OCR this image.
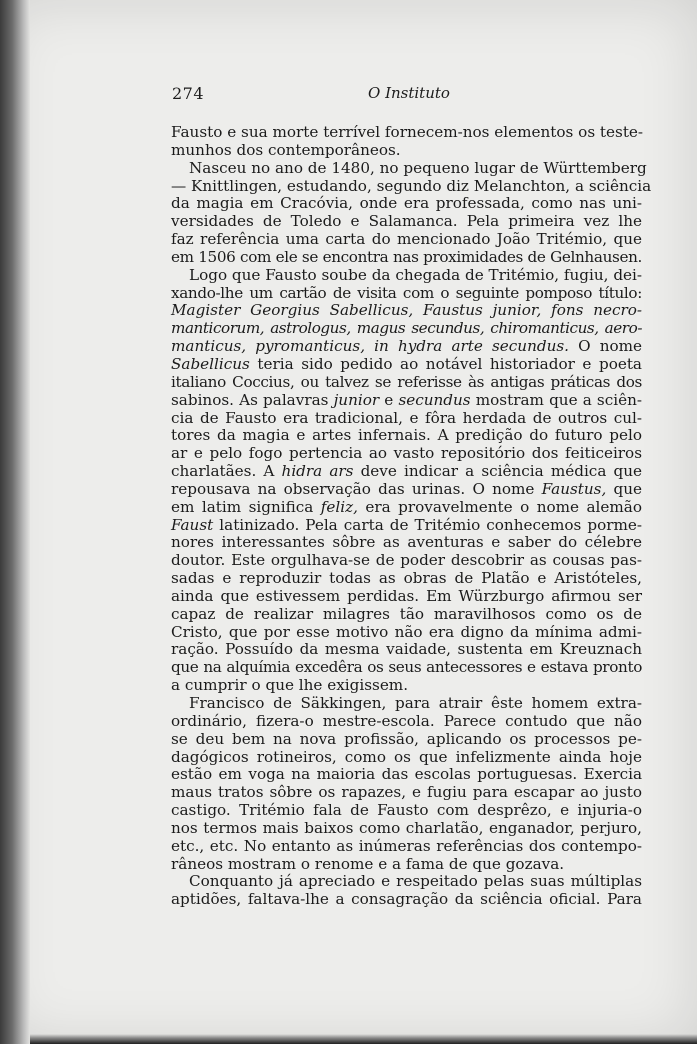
274	O Instituto
Fausto e sua morte terrível fornecem-nos elementos os teste-
munhos dos contemporâneos.
Nasceu no ano de 1480, no pequeno lugar de Württemberg
— Knittlingen, estudando, segundo diz Melanchton, a sciência
da magia em Cracóvia, onde era professada, como nas uni-
versidades de Toledo e Salamanca. Pela primeira vez lhe
faz referência uma carta do mencionado João Tritémio, que
em 1506 com ele se encontra nas proximidades de Gelnhausen.
Logo que Fausto soube da chegada de Tritémio, fugiu, dei-
xando-lhe um cartão de visita com o seguinte pomposo título:
Magister Georgius Sabellicus, Faustus junior, fons necro-
manticorum, astrologus, magus secundus, chiromanticus, aero-
manticus, pyromanticus, in hydra arte secundus. O nome
Sabellicus teria sido pedido ao notável historiador e poeta
italiano Coccius, ou talvez se referisse às antigas práticas dos
sabinos. As palavras junior e secundus mostram que a sciên-
cia de Fausto era tradicional, e fôra herdada de outros cul-
tores da magia e artes infernais. A predição do futuro pelo
ar e pelo fogo pertencia ao vasto repositório dos feiticeiros
charlatães. A hidra ars deve indicar a sciência médica que
repousava na observação das urinas. O nome Faustus, que
em latim significa feliz, era provavelmente o nome alemão
Faust latinizado. Pela carta de Tritémio conhecemos porme-
nores interessantes sôbre as aventuras e saber do célebre
doutor. Este orgulhava-se de poder descobrir as cousas pas-
sadas e reproduzir todas as obras de Platão e Aristóteles,
ainda que estivessem perdidas. Em Würzburgo afirmou ser
capaz de realizar milagres tão maravilhosos como os de
Cristo, que por esse motivo não era digno da mínima admi-
ração. Possuído da mesma vaidade, sustenta em Kreuznach
que na alquímia excedêra os seus antecessores e estava pronto
a cumprir o que lhe exigissem.
Francisco de Säkkingen, para atrair êste homem extra-
ordinário, fizera-o mestre-escola. Parece contudo que não
se deu bem na nova profissão, aplicando os processos pe-
dagógicos rotineiros, como os que infelizmente ainda hoje
estão em voga na maioria das escolas portuguesas. Exercia
maus tratos sôbre os rapazes, e fugiu para escapar ao justo
castigo. Tritémio fala de Fausto com desprêzo, e injuria-o
nos termos mais baixos como charlatão, enganador, perjuro,
etc., etc. No entanto as inúmeras referências dos contempo-
râneos mostram o renome e a fama de que gozava.
Conquanto já apreciado e respeitado pelas suas múltiplas
aptidões, faltava-lhe a consagração da sciência oficial. Para
